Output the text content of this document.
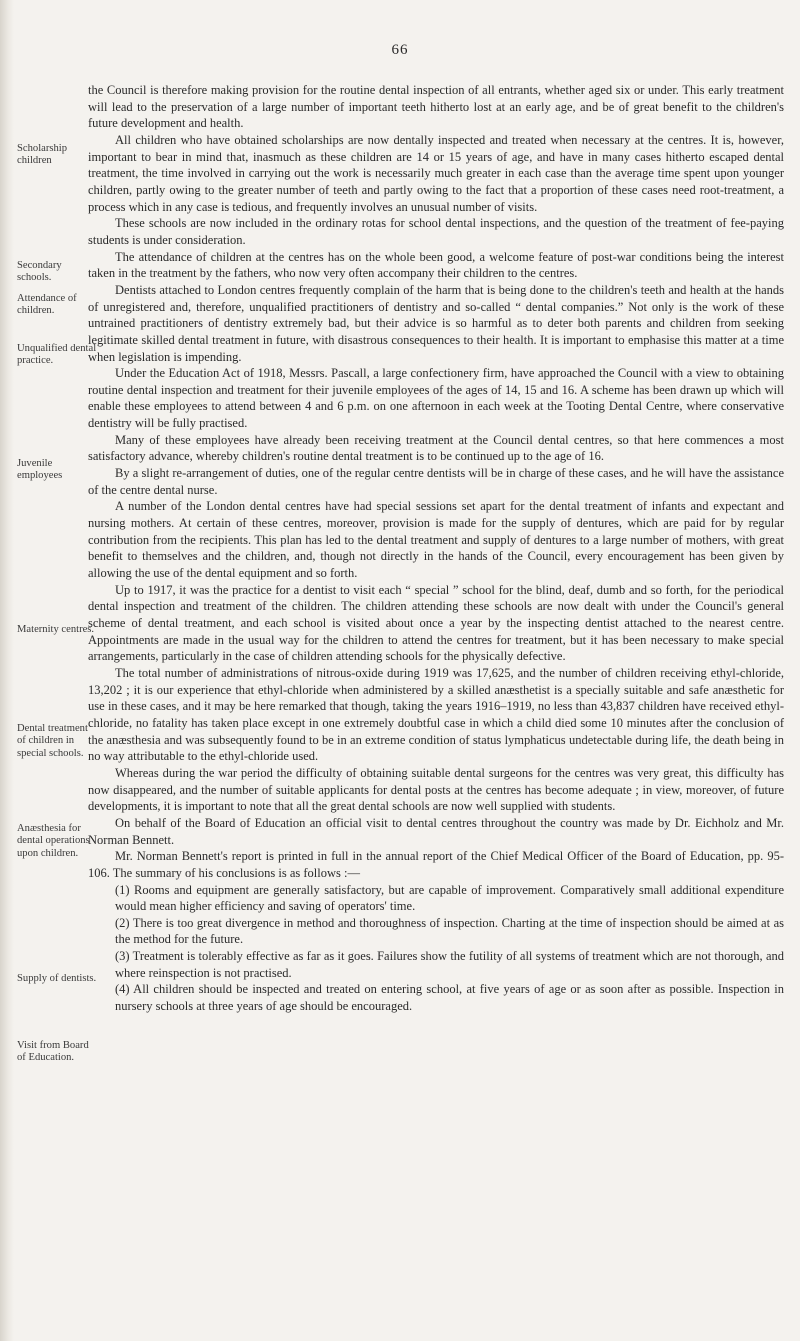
66
Scholarship children
Secondary schools.
Attendance of children.
Unqualified dental practice.
Juvenile employees
Maternity centres.
Dental treatment of children in special schools.
Anæsthesia for dental operations upon children.
Supply of dentists.
Visit from Board of Education.

the Council is therefore making provision for the routine dental inspection of all entrants, whether aged six or under. This early treatment will lead to the preservation of a large number of important teeth hitherto lost at an early age, and be of great benefit to the children's future development and health.

All children who have obtained scholarships are now dentally inspected and treated when necessary at the centres. It is, however, important to bear in mind that, inasmuch as these children are 14 or 15 years of age, and have in many cases hitherto escaped dental treatment, the time involved in carrying out the work is necessarily much greater in each case than the average time spent upon younger children, partly owing to the greater number of teeth and partly owing to the fact that a proportion of these cases need root-treatment, a process which in any case is tedious, and frequently involves an unusual number of visits.

These schools are now included in the ordinary rotas for school dental inspections, and the question of the treatment of fee-paying students is under consideration.

The attendance of children at the centres has on the whole been good, a welcome feature of post-war conditions being the interest taken in the treatment by the fathers, who now very often accompany their children to the centres.

Dentists attached to London centres frequently complain of the harm that is being done to the children's teeth and health at the hands of unregistered and, therefore, unqualified practitioners of dentistry and so-called “ dental companies.” Not only is the work of these untrained practitioners of dentistry extremely bad, but their advice is so harmful as to deter both parents and children from seeking legitimate skilled dental treatment in future, with disastrous consequences to their health. It is important to emphasise this matter at a time when legislation is impending.

Under the Education Act of 1918, Messrs. Pascall, a large confectionery firm, have approached the Council with a view to obtaining routine dental inspection and treatment for their juvenile employees of the ages of 14, 15 and 16. A scheme has been drawn up which will enable these employees to attend between 4 and 6 p.m. on one afternoon in each week at the Tooting Dental Centre, where conservative dentistry will be fully practised.

Many of these employees have already been receiving treatment at the Council dental centres, so that here commences a most satisfactory advance, whereby children's routine dental treatment is to be continued up to the age of 16.

By a slight re-arrangement of duties, one of the regular centre dentists will be in charge of these cases, and he will have the assistance of the centre dental nurse.

A number of the London dental centres have had special sessions set apart for the dental treatment of infants and expectant and nursing mothers. At certain of these centres, moreover, provision is made for the supply of dentures, which are paid for by regular contribution from the recipients. This plan has led to the dental treatment and supply of dentures to a large number of mothers, with great benefit to themselves and the children, and, though not directly in the hands of the Council, every encouragement has been given by allowing the use of the dental equipment and so forth.

Up to 1917, it was the practice for a dentist to visit each “ special ” school for the blind, deaf, dumb and so forth, for the periodical dental inspection and treatment of the children. The children attending these schools are now dealt with under the Council's general scheme of dental treatment, and each school is visited about once a year by the inspecting dentist attached to the nearest centre. Appointments are made in the usual way for the children to attend the centres for treatment, but it has been necessary to make special arrangements, particularly in the case of children attending schools for the physically defective.

The total number of administrations of nitrous-oxide during 1919 was 17,625, and the number of children receiving ethyl-chloride, 13,202 ; it is our experience that ethyl-chloride when administered by a skilled anæsthetist is a specially suitable and safe anæsthetic for use in these cases, and it may be here remarked that though, taking the years 1916–1919, no less than 43,837 children have received ethyl-chloride, no fatality has taken place except in one extremely doubtful case in which a child died some 10 minutes after the conclusion of the anæsthesia and was subsequently found to be in an extreme condition of status lymphaticus undetectable during life, the death being in no way attributable to the ethyl-chloride used.

Whereas during the war period the difficulty of obtaining suitable dental surgeons for the centres was very great, this difficulty has now disappeared, and the number of suitable applicants for dental posts at the centres has become adequate ; in view, moreover, of future developments, it is important to note that all the great dental schools are now well supplied with students.

On behalf of the Board of Education an official visit to dental centres throughout the country was made by Dr. Eichholz and Mr. Norman Bennett.

Mr. Norman Bennett's report is printed in full in the annual report of the Chief Medical Officer of the Board of Education, pp. 95-106. The summary of his conclusions is as follows :—

(1) Rooms and equipment are generally satisfactory, but are capable of improvement. Comparatively small additional expenditure would mean higher efficiency and saving of operators' time.

(2) There is too great divergence in method and thoroughness of inspection. Charting at the time of inspection should be aimed at as the method for the future.

(3) Treatment is tolerably effective as far as it goes. Failures show the futility of all systems of treatment which are not thorough, and where reinspection is not practised.

(4) All children should be inspected and treated on entering school, at five years of age or as soon after as possible. Inspection in nursery schools at three years of age should be encouraged.
